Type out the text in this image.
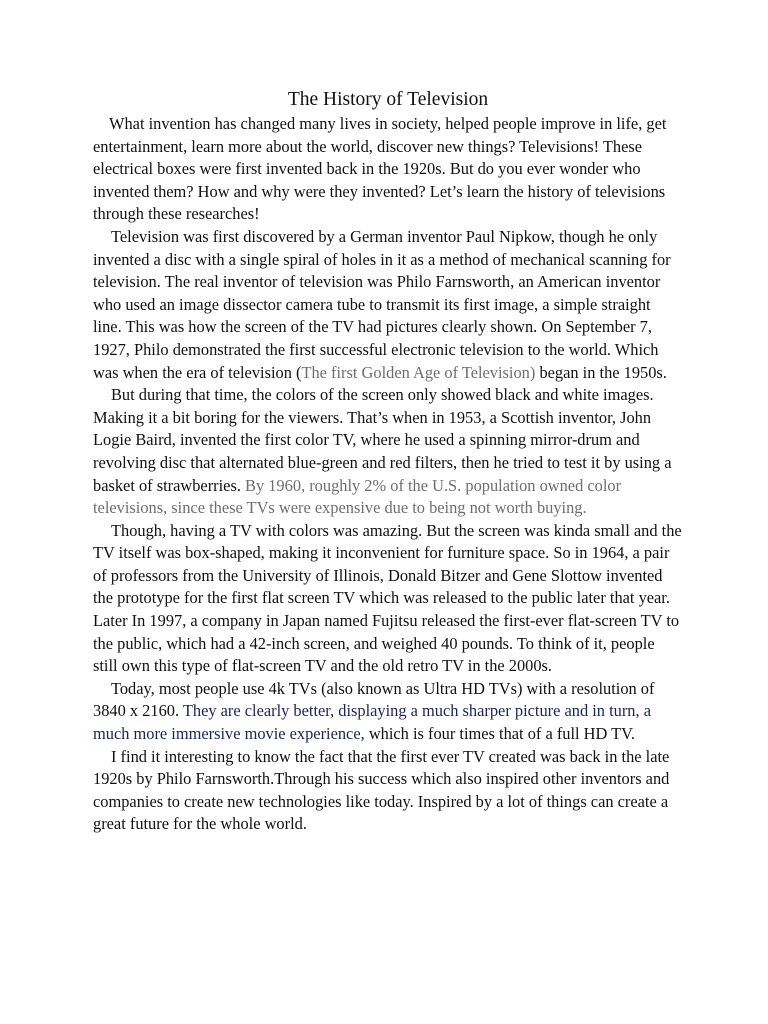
The History of Television

What invention has changed many lives in society, helped people improve in life, get entertainment, learn more about the world, discover new things? Televisions! These electrical boxes were first invented back in the 1920s. But do you ever wonder who invented them? How and why were they invented? Let’s learn the history of televisions through these researches!

Television was first discovered by a German inventor Paul Nipkow, though he only invented a disc with a single spiral of holes in it as a method of mechanical scanning for television. The real inventor of television was Philo Farnsworth, an American inventor who used an image dissector camera tube to transmit its first image, a simple straight line. This was how the screen of the TV had pictures clearly shown. On September 7, 1927, Philo demonstrated the first successful electronic television to the world. Which was when the era of television (The first Golden Age of Television) began in the 1950s.

But during that time, the colors of the screen only showed black and white images. Making it a bit boring for the viewers. That’s when in 1953, a Scottish inventor, John Logie Baird, invented the first color TV, where he used a spinning mirror-drum and revolving disc that alternated blue-green and red filters, then he tried to test it by using a basket of strawberries. By 1960, roughly 2% of the U.S. population owned color televisions, since these TVs were expensive due to being not worth buying.

Though, having a TV with colors was amazing. But the screen was kinda small and the TV itself was box-shaped, making it inconvenient for furniture space. So in 1964, a pair of professors from the University of Illinois, Donald Bitzer and Gene Slottow invented the prototype for the first flat screen TV which was released to the public later that year. Later In 1997, a company in Japan named Fujitsu released the first-ever flat-screen TV to the public, which had a 42-inch screen, and weighed 40 pounds. To think of it, people still own this type of flat-screen TV and the old retro TV in the 2000s.

Today, most people use 4k TVs (also known as Ultra HD TVs) with a resolution of 3840 x 2160. They are clearly better, displaying a much sharper picture and in turn, a much more immersive movie experience, which is four times that of a full HD TV.

I find it interesting to know the fact that the first ever TV created was back in the late 1920s by Philo Farnsworth.Through his success which also inspired other inventors and companies to create new technologies like today. Inspired by a lot of things can create a great future for the whole world.
